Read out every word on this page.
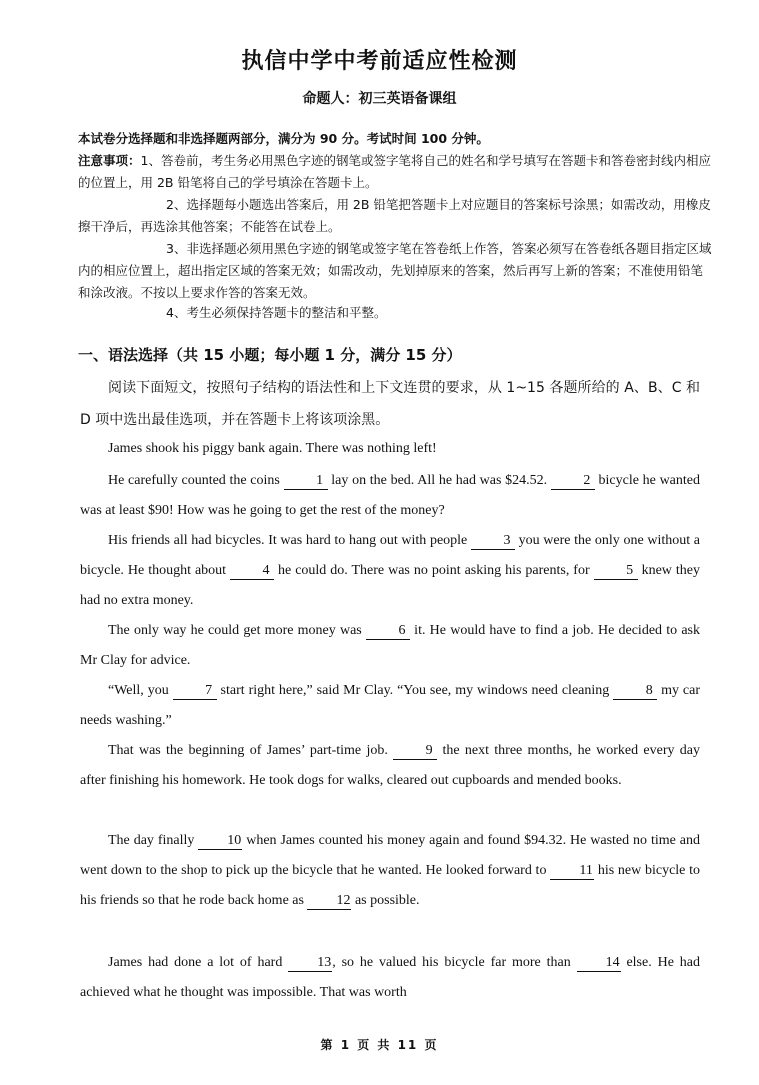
执信中学中考前适应性检测
命题人：初三英语备课组
本试卷分选择题和非选择题两部分，满分为 90 分。考试时间 100 分钟。
注意事项：1、答卷前，考生务必用黑色字迹的钢笔或签字笔将自己的姓名和学号填写在答题卡和答卷密封线内相应的位置上，用 2B 铅笔将自己的学号填涂在答题卡上。
2、选择题每小题选出答案后，用 2B 铅笔把答题卡上对应题目的答案标号涂黑；如需改动，用橡皮擦干净后，再选涂其他答案；不能答在试卷上。
3、非选择题必须用黑色字迹的钢笔或签字笔在答卷纸上作答，答案必须写在答卷纸各题目指定区域内的相应位置上，超出指定区域的答案无效；如需改动，先划掉原来的答案，然后再写上新的答案；不准使用铅笔和涂改液。不按以上要求作答的答案无效。
4、考生必须保持答题卡的整洁和平整。
一、语法选择（共 15 小题；每小题 1 分，满分 15 分）
阅读下面短文，按照句子结构的语法性和上下文连贯的要求，从 1~15 各题所给的 A、B、C 和 D 项中选出最佳选项，并在答题卡上将该项涂黑。
James shook his piggy bank again. There was nothing left!
He carefully counted the coins 1 lay on the bed. All he had was $24.52.	2 bicycle he wanted was at least $90! How was he going to get the rest of the money?
His friends all had bicycles. It was hard to hang out with people 3 you were the only one without a bicycle. He thought about 4 he could do. There was no point asking his parents, for 5 knew they had no extra money.
The only way he could get more money was 6 it. He would have to find a job. He decided to ask Mr Clay for advice.
“Well, you 7 start right here,” said Mr Clay. “You see, my windows need cleaning 8 my car needs washing.”
That was the beginning of James’ part-time job. 9 the next three months, he worked every day after finishing his homework. He took dogs for walks, cleared out cupboards and mended books.
The day finally 10 when James counted his money again and found $94.32. He wasted no time and went down to the shop to pick up the bicycle that he wanted. He looked forward to 11 his new bicycle to his friends so that he rode back home as 12 as possible.
James had done a lot of hard 13, so he valued his bicycle far more than 14 else. He had achieved what he thought was impossible. That was worth
第 1 页 共 11 页
